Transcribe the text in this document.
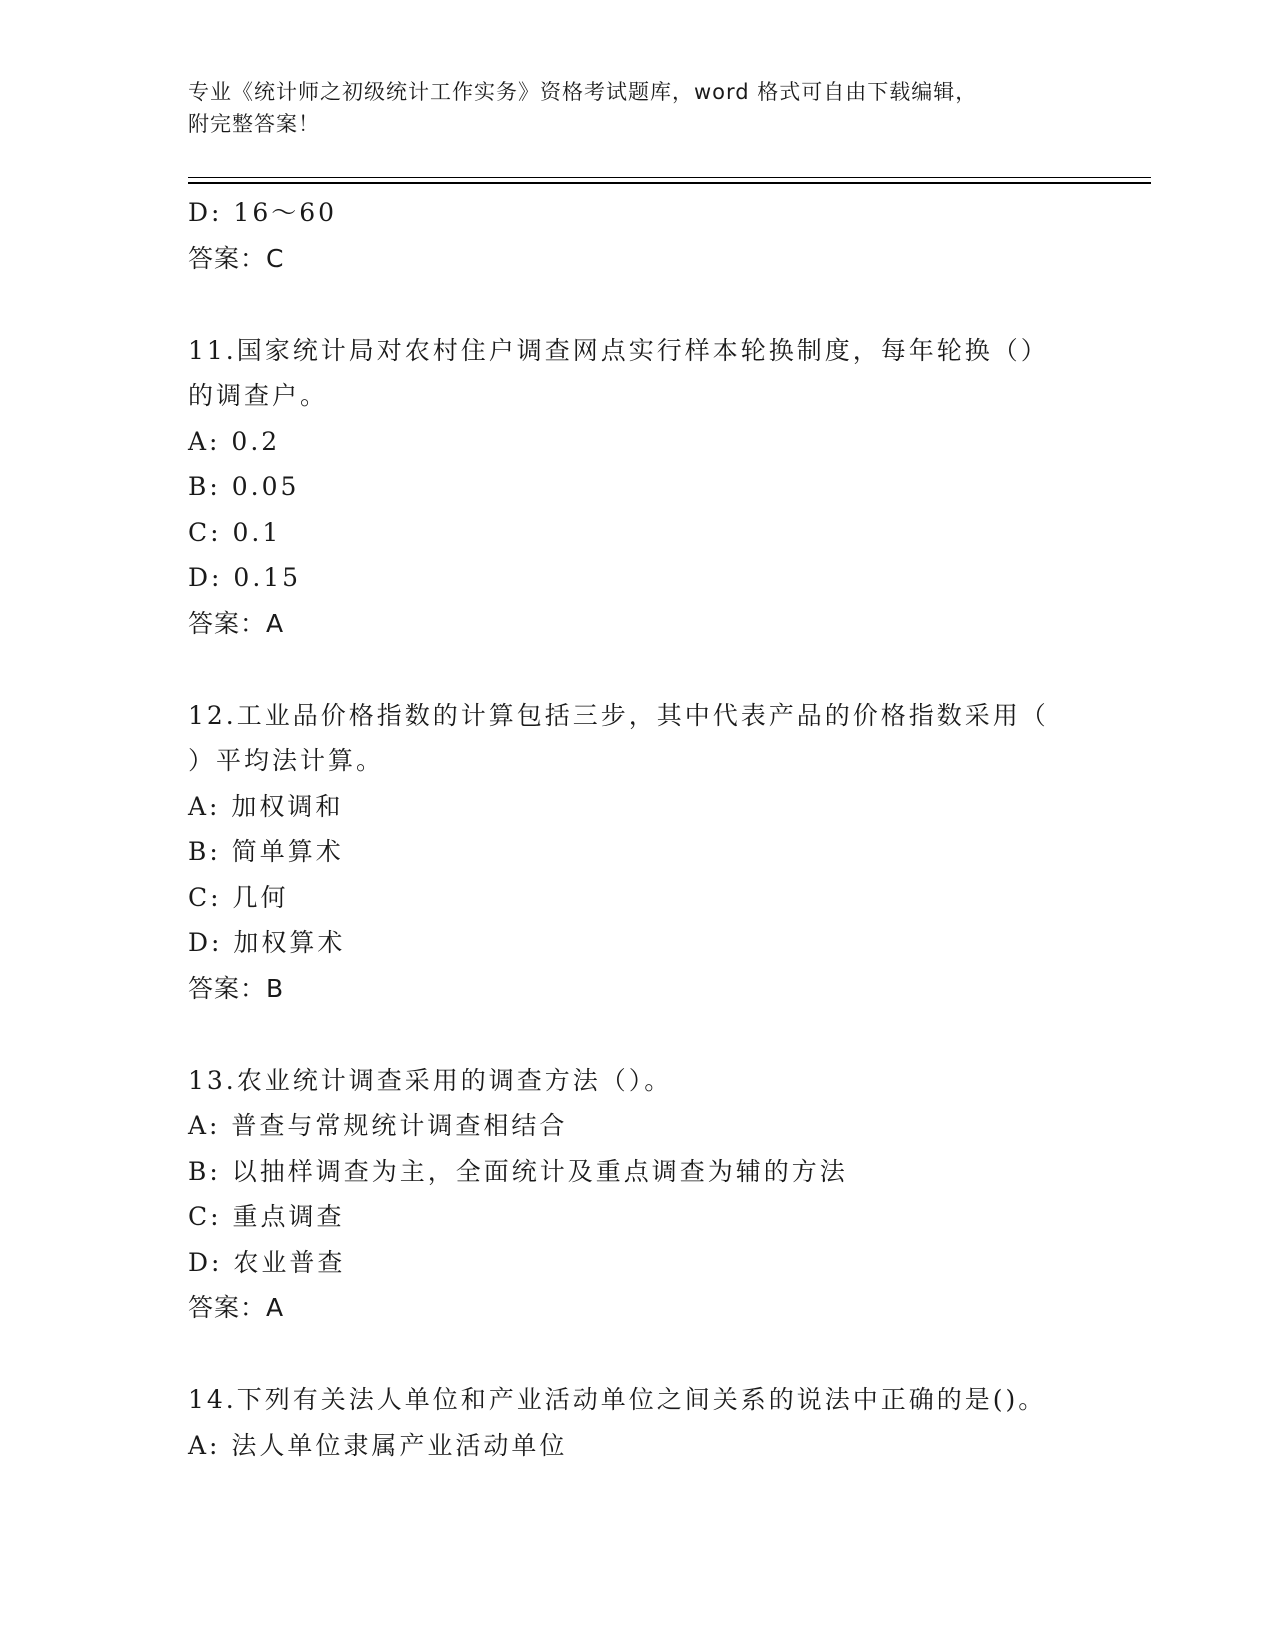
专业《统计师之初级统计工作实务》资格考试题库，word 格式可自由下载编辑，
附完整答案！
D: 16～60
答案：C
11.国家统计局对农村住户调查网点实行样本轮换制度，每年轮换（）
的调查户。
A: 0.2
B: 0.05
C: 0.1
D: 0.15
答案：A
12.工业品价格指数的计算包括三步，其中代表产品的价格指数采用（
）平均法计算。
A: 加权调和
B: 简单算术
C: 几何
D: 加权算术
答案：B
13.农业统计调查采用的调查方法（）。
A: 普查与常规统计调查相结合
B: 以抽样调查为主，全面统计及重点调查为辅的方法
C: 重点调查
D: 农业普查
答案：A
14.下列有关法人单位和产业活动单位之间关系的说法中正确的是()。
A: 法人单位隶属产业活动单位
